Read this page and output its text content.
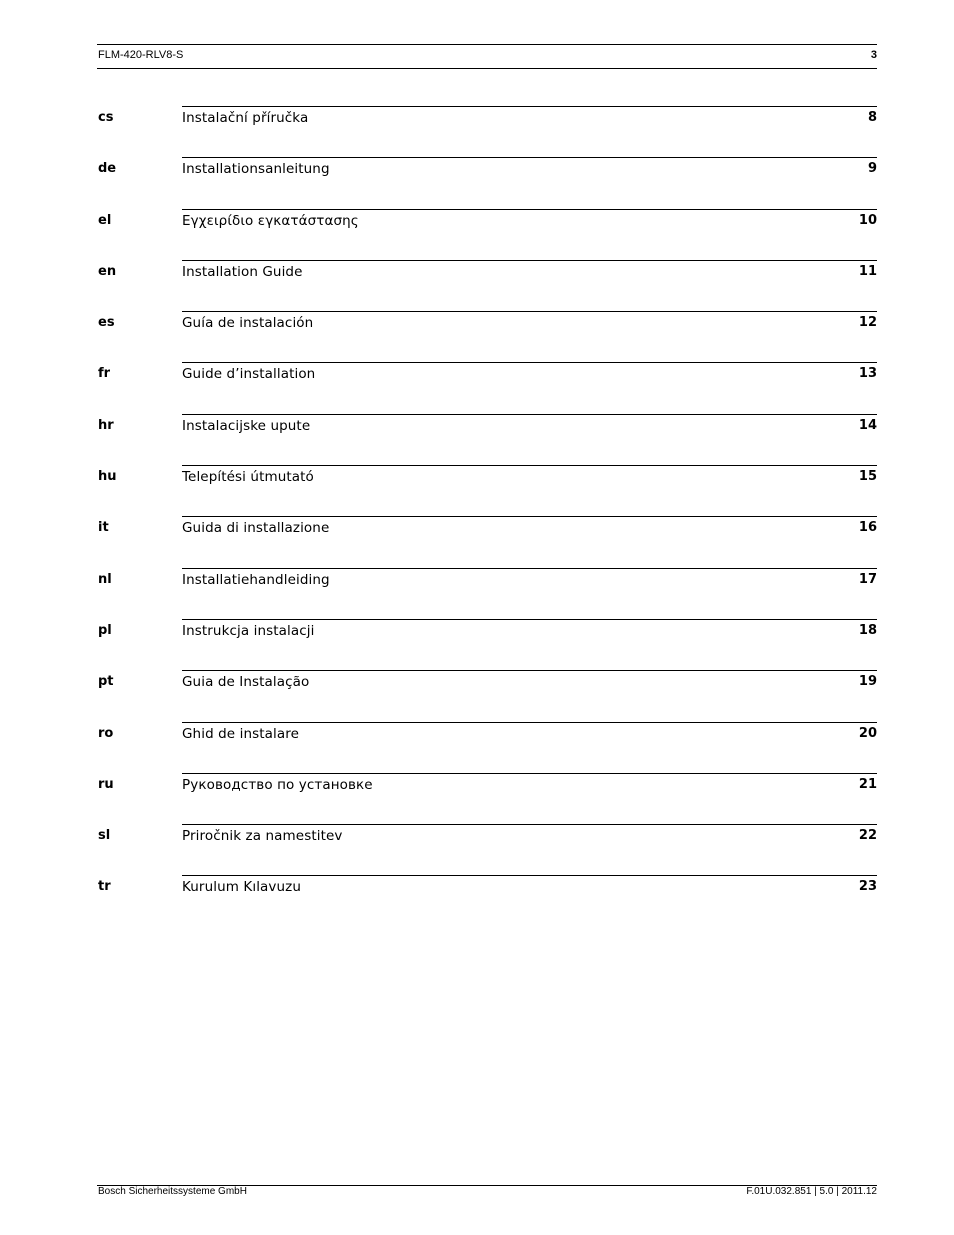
FLM-420-RLV8-S	3
cs	Instalační příručka	8
de	Installationsanleitung	9
el	Εγχειρίδιο εγκατάστασης	10
en	Installation Guide	11
es	Guía de instalación	12
fr	Guide d’installation	13
hr	Instalacijske upute	14
hu	Telepítési útmutató	15
it	Guida di installazione	16
nl	Installatiehandleiding	17
pl	Instrukcja instalacji	18
pt	Guia de Instalação	19
ro	Ghid de instalare	20
ru	Руководство по установке	21
sl	Priročnik za namestitev	22
tr	Kurulum Kılavuzu	23
Bosch Sicherheitssysteme GmbH	F.01U.032.851 | 5.0 | 2011.12
